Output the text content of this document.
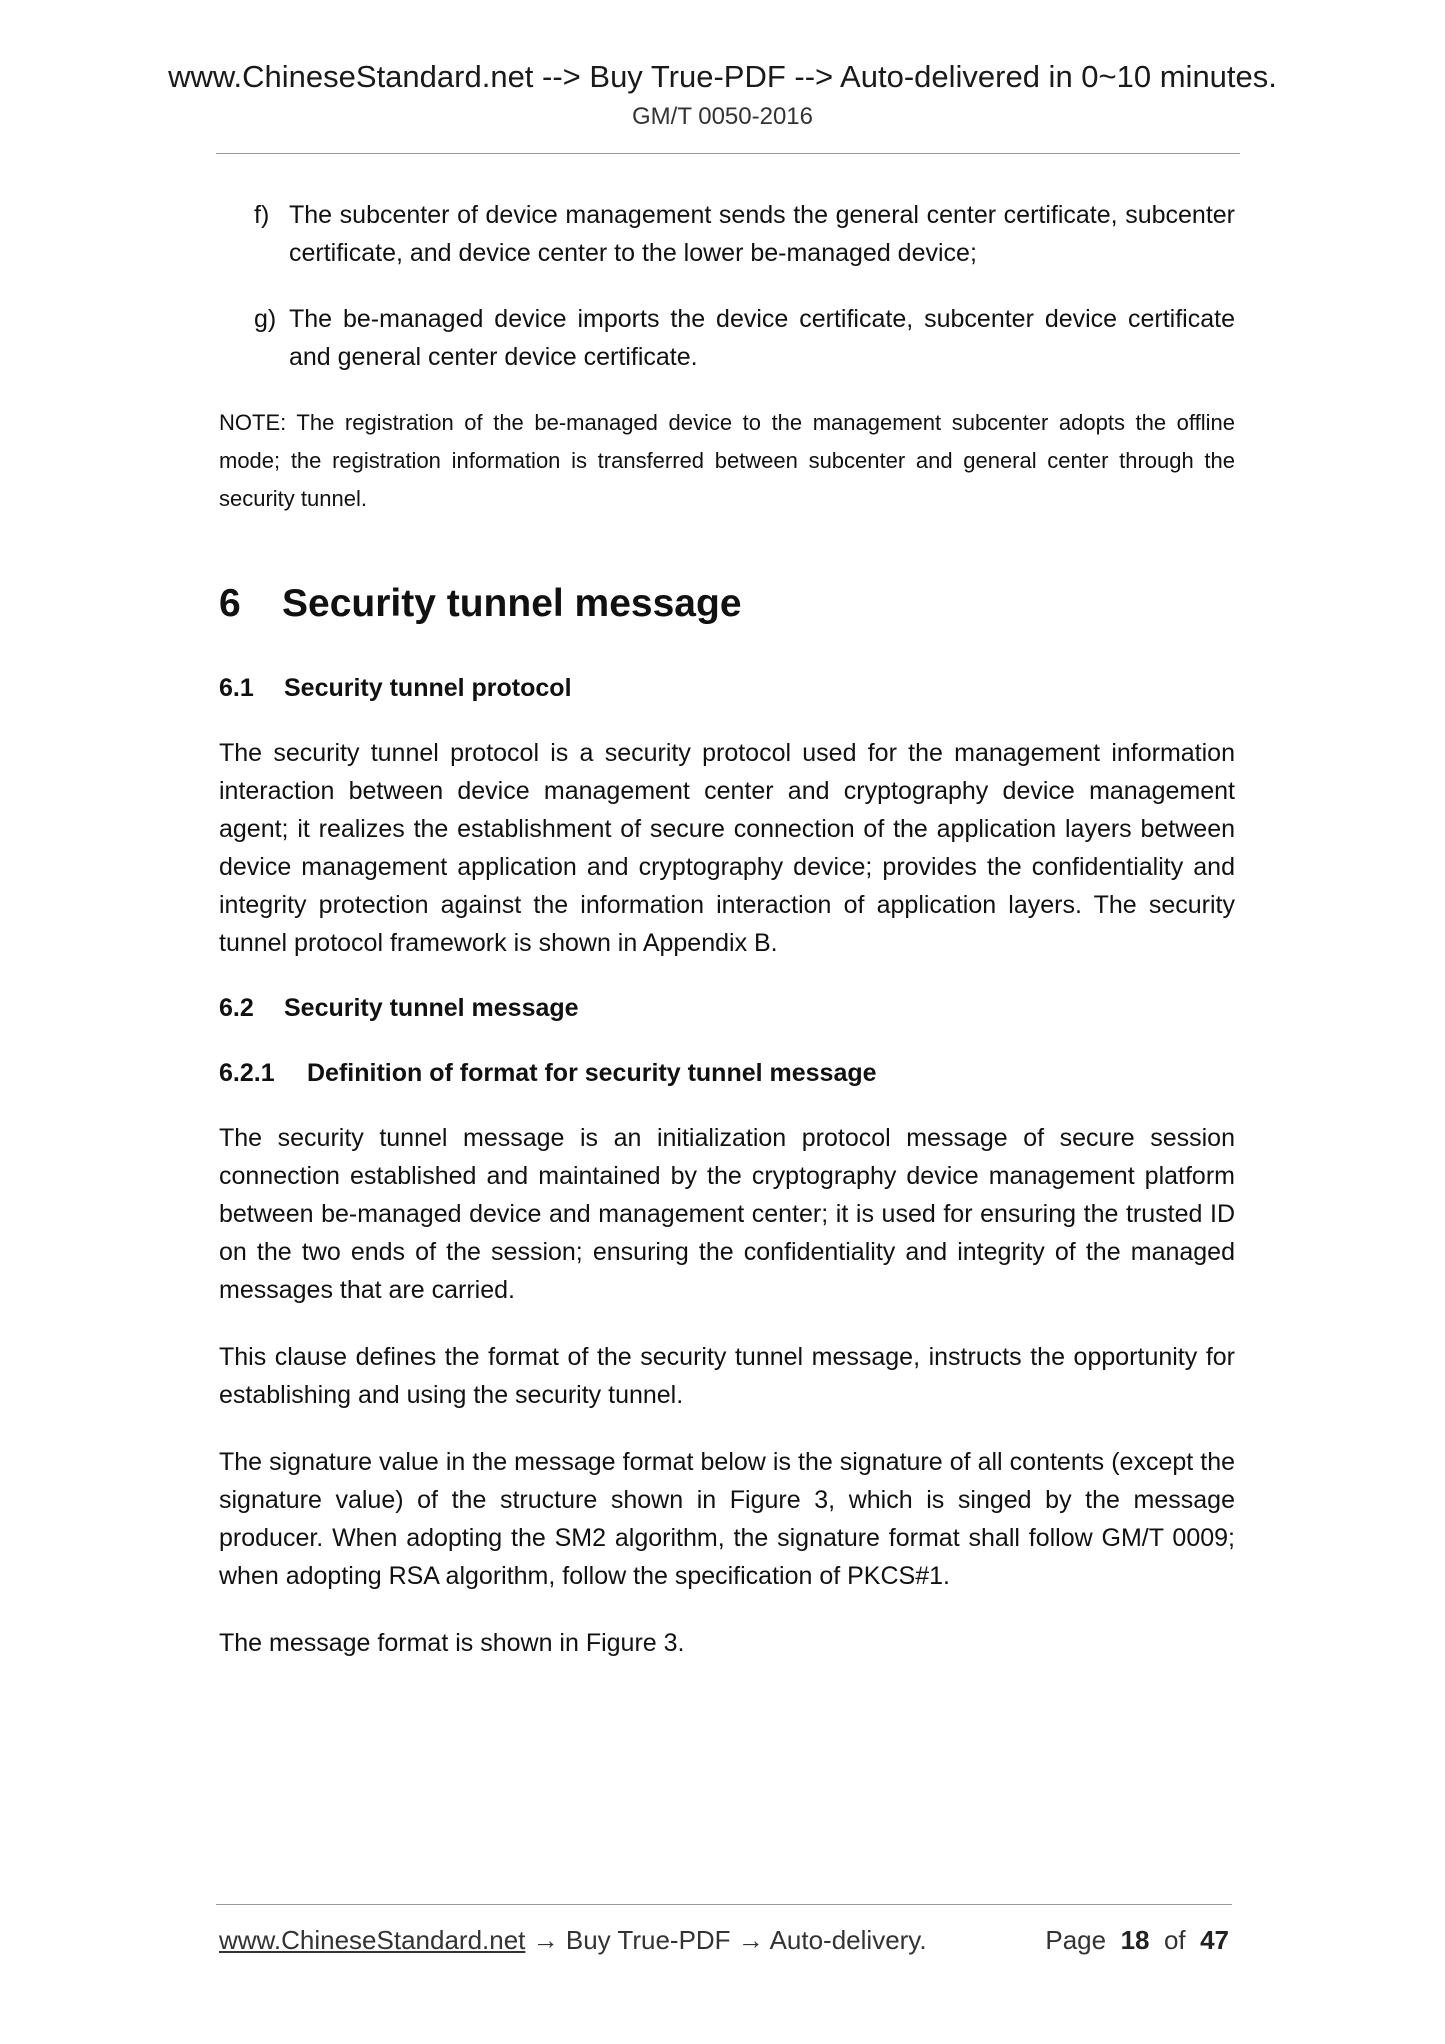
www.ChineseStandard.net --> Buy True-PDF --> Auto-delivered in 0~10 minutes.
GM/T 0050-2016
f) The subcenter of device management sends the general center certificate, subcenter certificate, and device center to the lower be-managed device;
g) The be-managed device imports the device certificate, subcenter device certificate and general center device certificate.

NOTE: The registration of the be-managed device to the management subcenter adopts the offline mode; the registration information is transferred between subcenter and general center through the security tunnel.

6	Security tunnel message
6.1	Security tunnel protocol

The security tunnel protocol is a security protocol used for the management information interaction between device management center and cryptography device management agent; it realizes the establishment of secure connection of the application layers between device management application and cryptography device; provides the confidentiality and integrity protection against the information interaction of application layers. The security tunnel protocol framework is shown in Appendix B.

6.2	Security tunnel message
6.2.1	Definition of format for security tunnel message

The security tunnel message is an initialization protocol message of secure session connection established and maintained by the cryptography device management platform between be-managed device and management center; it is used for ensuring the trusted ID on the two ends of the session; ensuring the confidentiality and integrity of the managed messages that are carried.

This clause defines the format of the security tunnel message, instructs the opportunity for establishing and using the security tunnel.

The signature value in the message format below is the signature of all contents (except the signature value) of the structure shown in Figure 3, which is singed by the message producer. When adopting the SM2 algorithm, the signature format shall follow GM/T 0009; when adopting RSA algorithm, follow the specification of PKCS#1.

The message format is shown in Figure 3.

www.ChineseStandard.net → Buy True-PDF → Auto-delivery.	Page 18 of 47
